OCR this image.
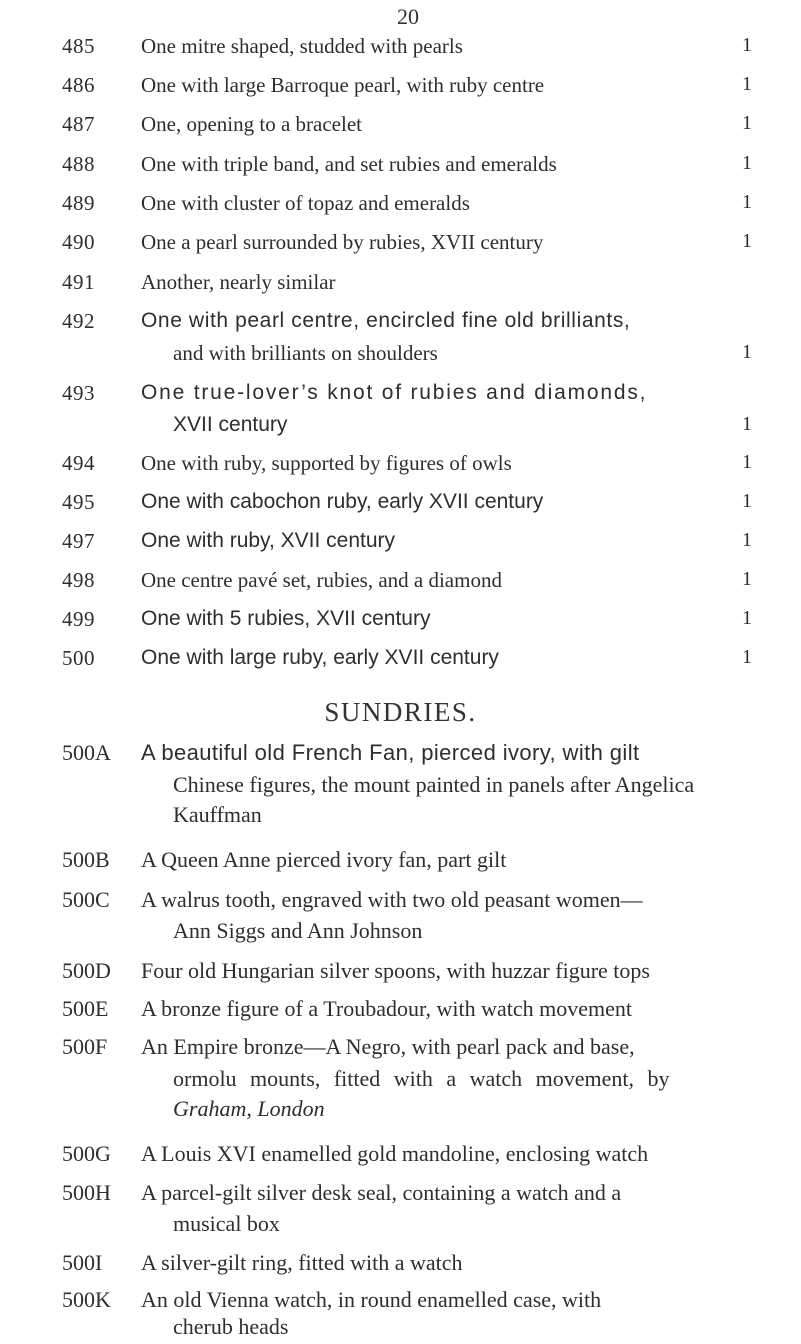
20
485 One mitre shaped, studded with pearls	1
486 One with large Barroque pearl, with ruby centre	1
487 One, opening to a bracelet	1
488 One with triple band, and set rubies and emeralds	1
489 One with cluster of topaz and emeralds	1
490 One a pearl surrounded by rubies, XVII century	1
491 Another, nearly similar
492 One with pearl centre, encircled fine old brilliants,
and with brilliants on shoulders	1
493 One true-lover’s knot of rubies and diamonds,
XVII century	1
494 One with ruby, supported by figures of owls	1
495 One with cabochon ruby, early XVII century	1
497 One with ruby, XVII century	1
498 One centre pavé set, rubies, and a diamond	1
499 One with 5 rubies, XVII century	1
500 One with large ruby, early XVII century	1
SUNDRIES.
500A A beautiful old French Fan, pierced ivory, with gilt
Chinese figures, the mount painted in panels after Angelica
Kauffman
500B A Queen Anne pierced ivory fan, part gilt
500C A walrus tooth, engraved with two old peasant women—
Ann Siggs and Ann Johnson
500D Four old Hungarian silver spoons, with huzzar figure tops
500E A bronze figure of a Troubadour, with watch movement
500F An Empire bronze—A Negro, with pearl pack and base,
ormolu mounts, fitted with a watch movement, by
Graham, London
500G A Louis XVI enamelled gold mandoline, enclosing watch
500H A parcel-gilt silver desk seal, containing a watch and a
musical box
500I A silver-gilt ring, fitted with a watch
500K An old Vienna watch, in round enamelled case, with
cherub heads
